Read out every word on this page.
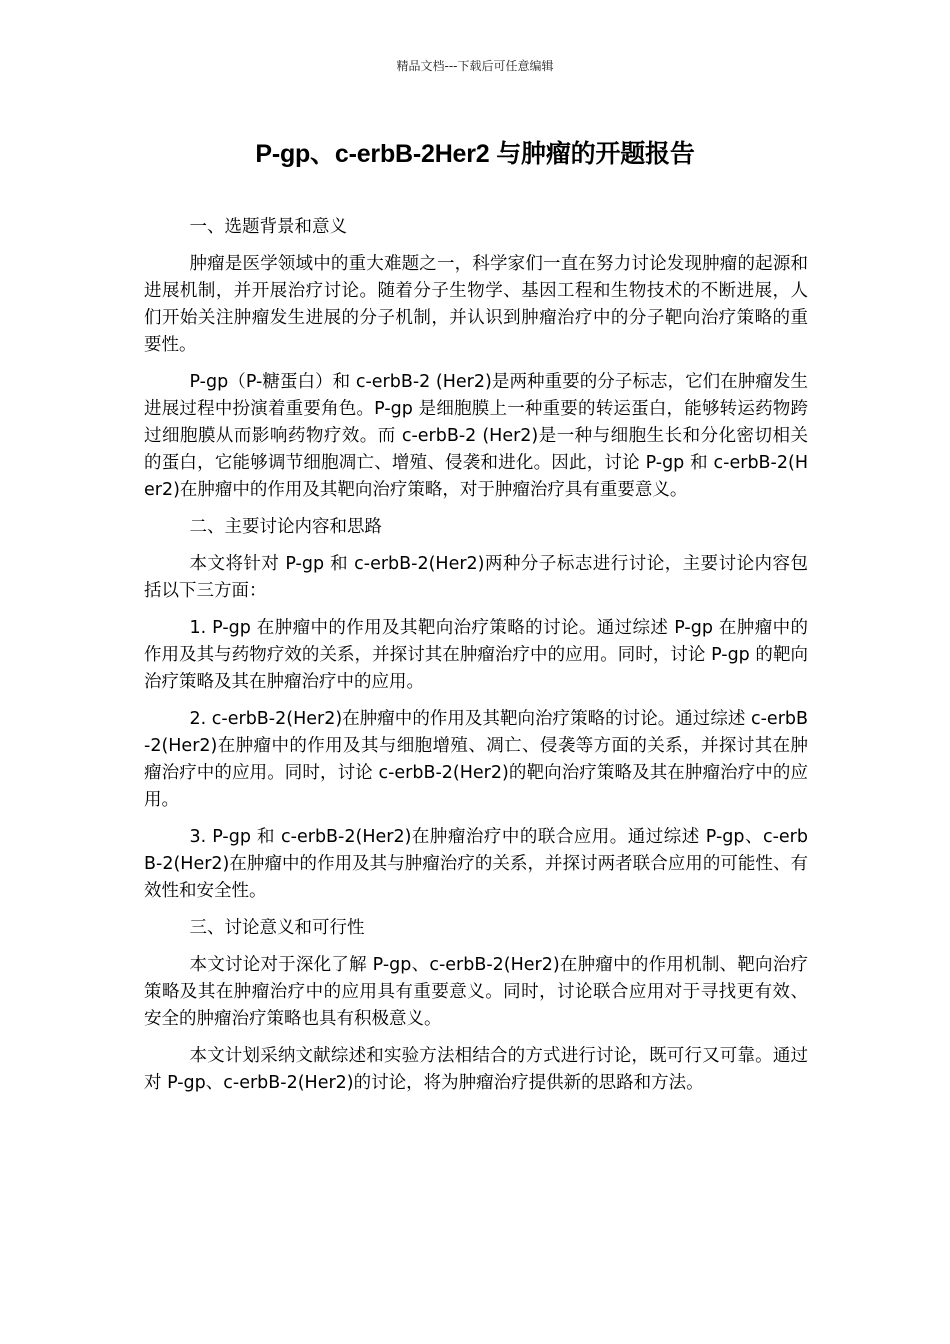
精品文档---下载后可任意编辑
P-gp、c-erbB-2Her2 与肿瘤的开题报告

一、选题背景和意义

肿瘤是医学领域中的重大难题之一，科学家们一直在努力讨论发现肿瘤的起源和进展机制，并开展治疗讨论。随着分子生物学、基因工程和生物技术的不断进展，人们开始关注肿瘤发生进展的分子机制，并认识到肿瘤治疗中的分子靶向治疗策略的重要性。

P-gp（P-糖蛋白）和 c-erbB-2 (Her2)是两种重要的分子标志，它们在肿瘤发生进展过程中扮演着重要角色。P-gp 是细胞膜上一种重要的转运蛋白，能够转运药物跨过细胞膜从而影响药物疗效。而 c-erbB-2 (Her2)是一种与细胞生长和分化密切相关的蛋白，它能够调节细胞凋亡、增殖、侵袭和进化。因此，讨论 P-gp 和 c-erbB-2(Her2)在肿瘤中的作用及其靶向治疗策略，对于肿瘤治疗具有重要意义。

二、主要讨论内容和思路

本文将针对 P-gp 和 c-erbB-2(Her2)两种分子标志进行讨论，主要讨论内容包括以下三方面：

1. P-gp 在肿瘤中的作用及其靶向治疗策略的讨论。通过综述 P-gp 在肿瘤中的作用及其与药物疗效的关系，并探讨其在肿瘤治疗中的应用。同时，讨论 P-gp 的靶向治疗策略及其在肿瘤治疗中的应用。

2. c-erbB-2(Her2)在肿瘤中的作用及其靶向治疗策略的讨论。通过综述 c-erbB-2(Her2)在肿瘤中的作用及其与细胞增殖、凋亡、侵袭等方面的关系，并探讨其在肿瘤治疗中的应用。同时，讨论 c-erbB-2(Her2)的靶向治疗策略及其在肿瘤治疗中的应用。

3. P-gp 和 c-erbB-2(Her2)在肿瘤治疗中的联合应用。通过综述 P-gp、c-erbB-2(Her2)在肿瘤中的作用及其与肿瘤治疗的关系，并探讨两者联合应用的可能性、有效性和安全性。

三、讨论意义和可行性

本文讨论对于深化了解 P-gp、c-erbB-2(Her2)在肿瘤中的作用机制、靶向治疗策略及其在肿瘤治疗中的应用具有重要意义。同时，讨论联合应用对于寻找更有效、安全的肿瘤治疗策略也具有积极意义。

本文计划采纳文献综述和实验方法相结合的方式进行讨论，既可行又可靠。通过对 P-gp、c-erbB-2(Her2)的讨论，将为肿瘤治疗提供新的思路和方法。
